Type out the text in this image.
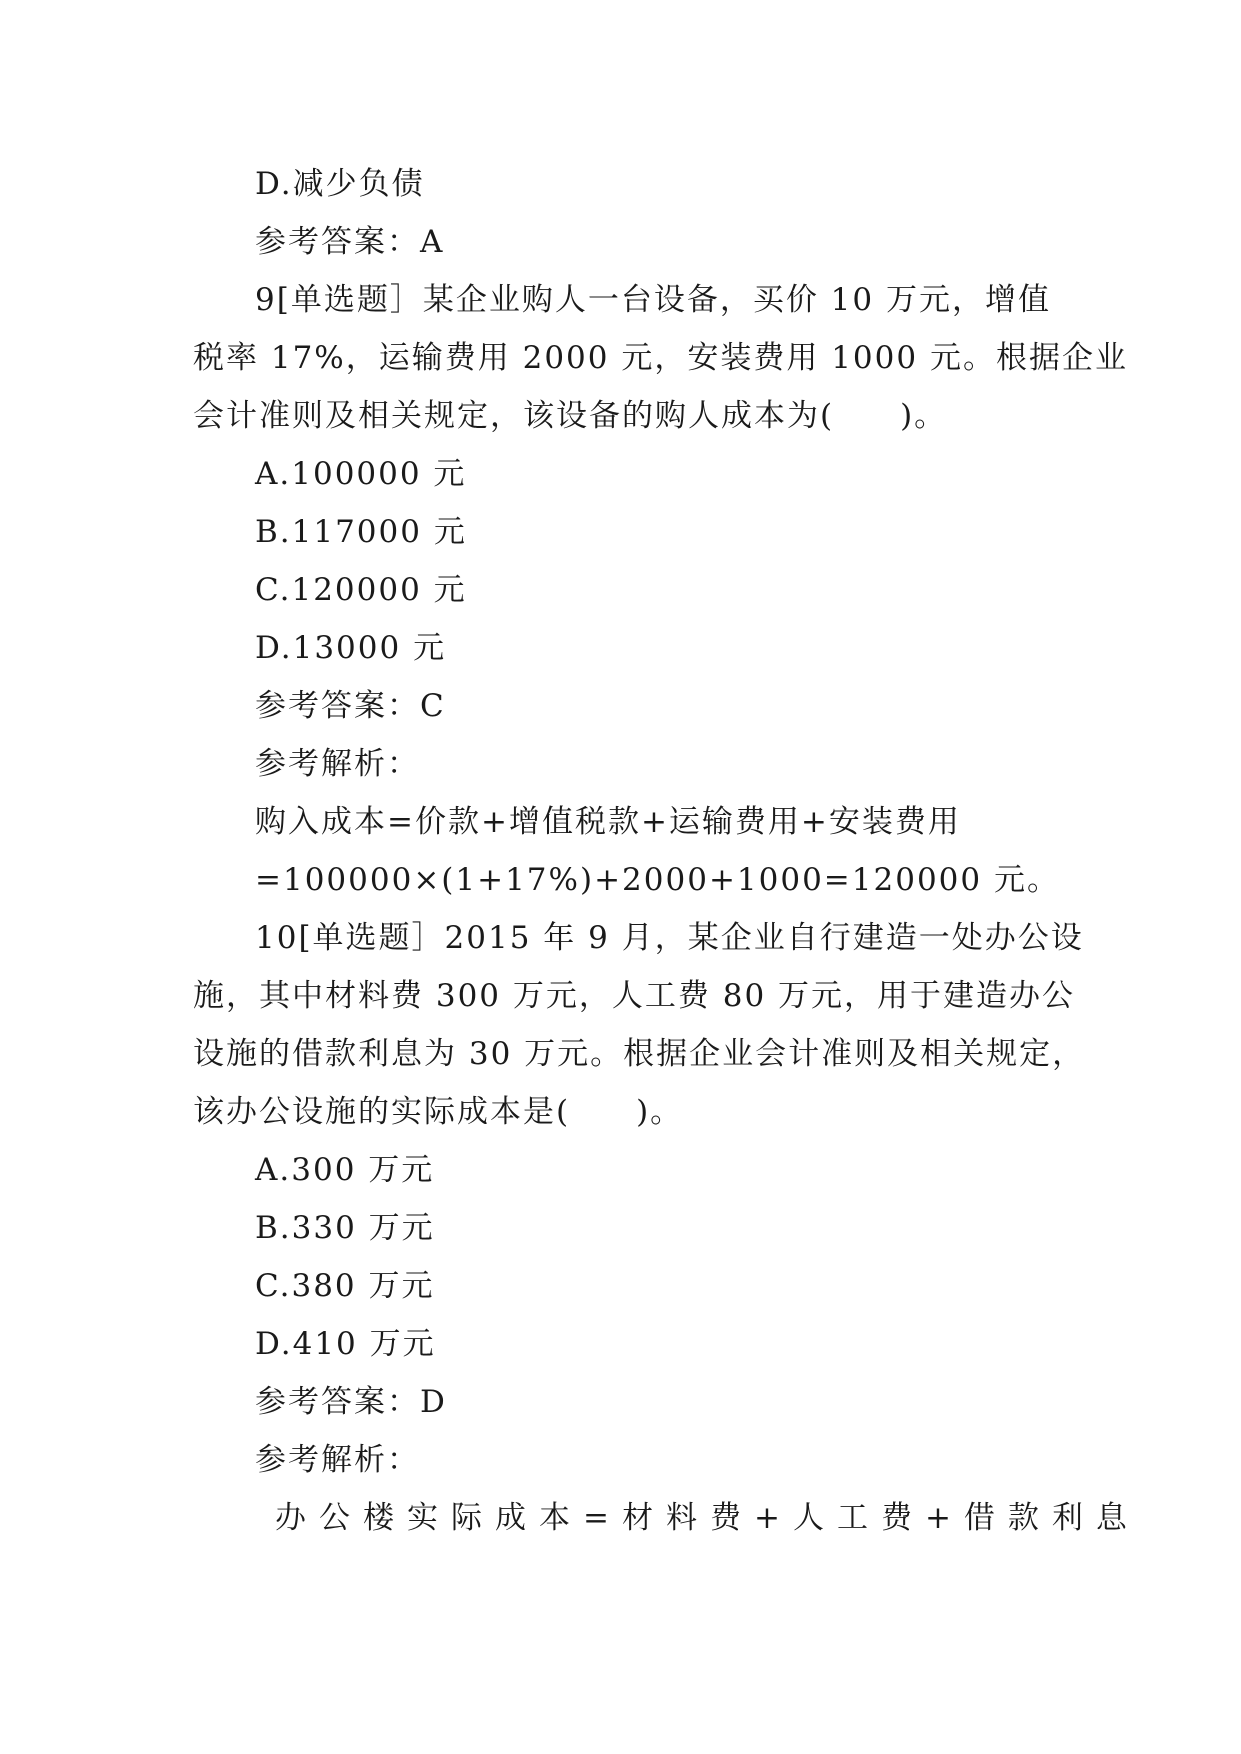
D.减少负债
参考答案：A
9[单选题］某企业购人一台设备，买价 10 万元，增值
税率 17%，运输费用 2000 元，安装费用 1000 元。根据企业
会计准则及相关规定，该设备的购人成本为(　　)。
A.100000 元
B.117000 元
C.120000 元
D.13000 元
参考答案：C
参考解析：
购入成本=价款+增值税款+运输费用+安装费用
=100000×(1+17%)+2000+1000=120000 元。
10[单选题］2015 年 9 月，某企业自行建造一处办公设
施，其中材料费 300 万元，人工费 80 万元，用于建造办公
设施的借款利息为 30 万元。根据企业会计准则及相关规定，
该办公设施的实际成本是(　　)。
A.300 万元
B.330 万元
C.380 万元
D.410 万元
参考答案：D
参考解析：
办公楼实际成本=材料费+人工费+借款利息
